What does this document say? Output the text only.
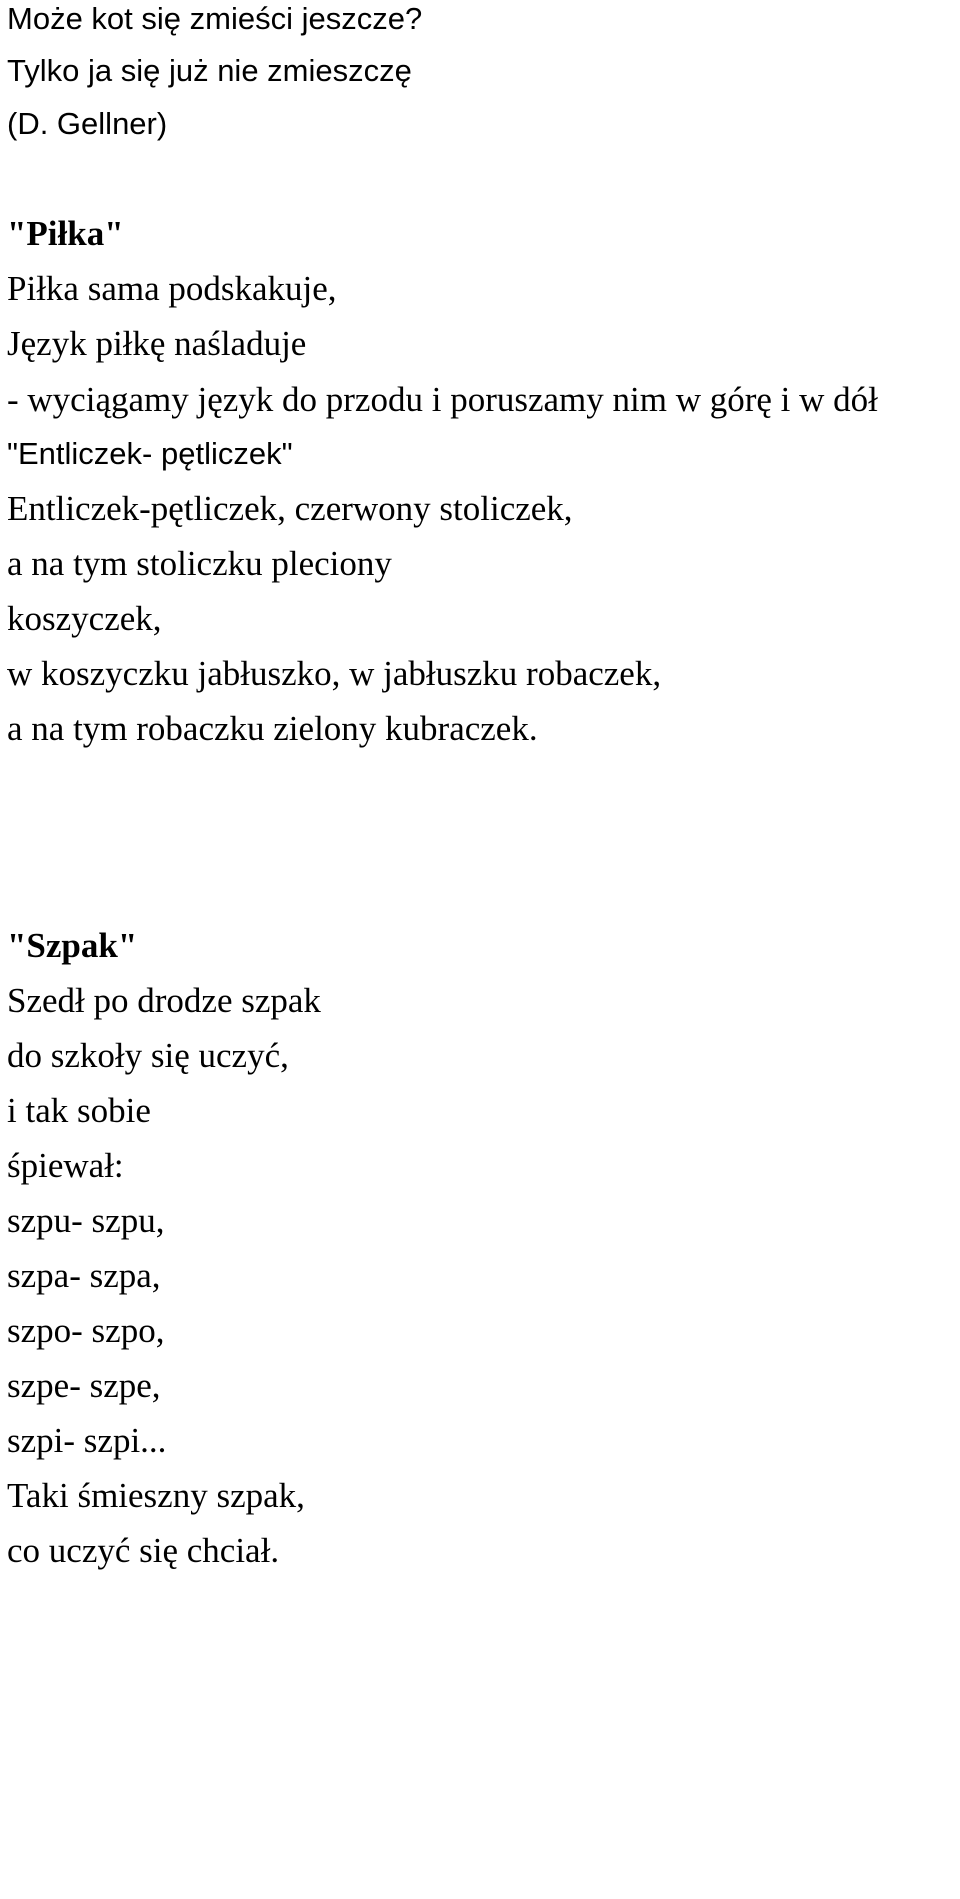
Może kot się zmieści jeszcze?
Tylko ja się już nie zmieszczę
(D. Gellner)
"Piłka"
Piłka sama podskakuje,
Język piłkę naśladuje
- wyciągamy język do przodu i poruszamy nim w górę i w dół
"Entliczek- pętliczek"
Entliczek-pętliczek, czerwony stoliczek,
a na tym stoliczku pleciony
koszyczek,
w koszyczku jabłuszko, w jabłuszku robaczek,
a na tym robaczku zielony kubraczek.
"Szpak"
Szedł po drodze szpak
do szkoły się uczyć,
i tak sobie
śpiewał:
szpu- szpu,
szpa- szpa,
szpo- szpo,
szpe- szpe,
szpi- szpi...
Taki śmieszny szpak,
co uczyć się chciał.
